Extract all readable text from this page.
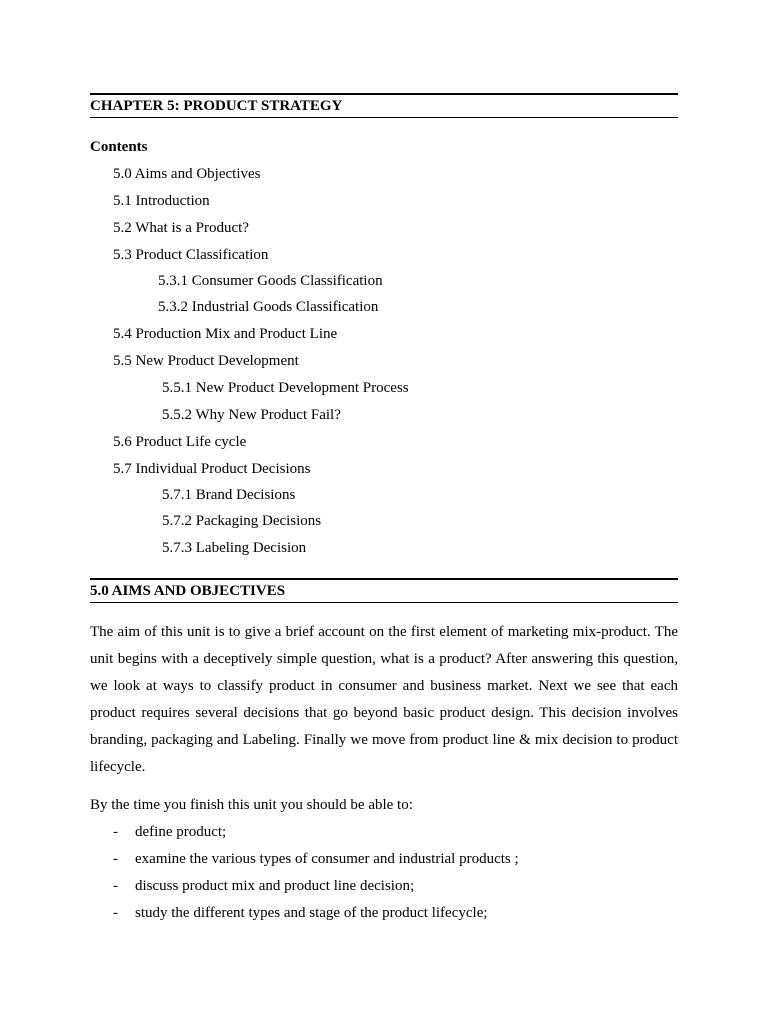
CHAPTER 5: PRODUCT STRATEGY
Contents
5.0 Aims and Objectives
5.1 Introduction
5.2 What is a Product?
5.3 Product Classification
5.3.1 Consumer Goods Classification
5.3.2 Industrial Goods Classification
5.4 Production Mix and Product Line
5.5 New Product Development
5.5.1 New Product Development Process
5.5.2 Why New Product Fail?
5.6 Product Life cycle
5.7 Individual Product Decisions
5.7.1 Brand Decisions
5.7.2 Packaging Decisions
5.7.3 Labeling Decision
5.0 AIMS AND OBJECTIVES

The aim of this unit is to give a brief account on the first element of marketing mix-product. The unit begins with a deceptively simple question, what is a product? After answering this question, we look at ways to classify product in consumer and business market. Next we see that each product requires several decisions that go beyond basic product design. This decision involves branding, packaging and Labeling. Finally we move from product line & mix decision to product lifecycle.

By the time you finish this unit you should be able to:
- define product;
- examine the various types of consumer and industrial products ;
- discuss product mix and product line decision;
- study the different types and stage of the product lifecycle;
